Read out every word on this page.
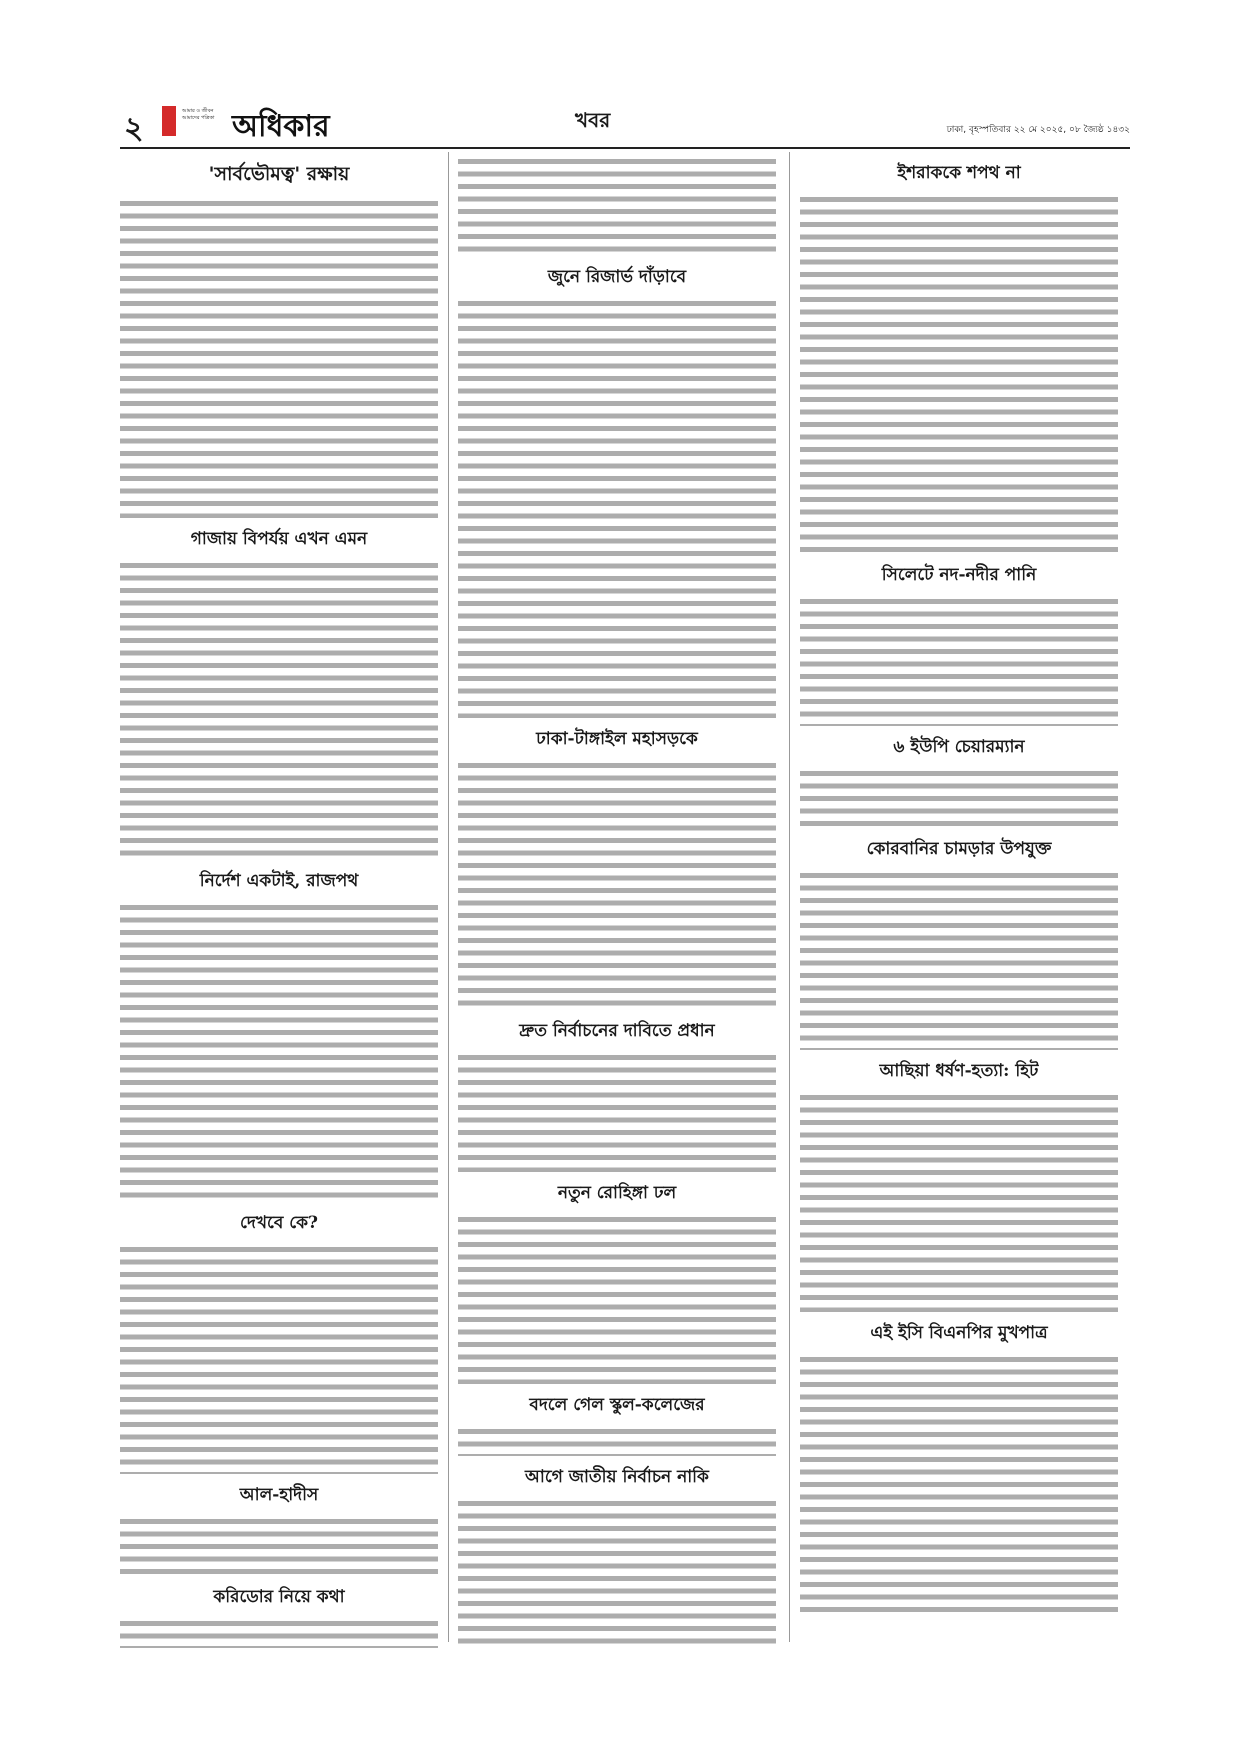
২	আমার ও জীবন আমাদের পত্রিকা অধিকার	খবর	ঢাকা, বৃহস্পতিবার ২২ মে ২০২৫, ০৮ জ্যৈষ্ঠ ১৪৩২
'সার্বভৌমত্ব' রক্ষায়
গাজায় বিপর্যয় এখন এমন
নির্দেশ একটাই, রাজপথ
দেখবে কে?
আল-হাদীস
করিডোর নিয়ে কথা
জুনে রিজার্ভ দাঁড়াবে
ঢাকা-টাঙ্গাইল মহাসড়কে
দ্রুত নির্বাচনের দাবিতে প্রধান
নতুন রোহিঙ্গা ঢল
বদলে গেল স্কুল-কলেজের
আগে জাতীয় নির্বাচন নাকি
ইশরাককে শপথ না
সিলেটে নদ-নদীর পানি
৬ ইউপি চেয়ারম্যান
কোরবানির চামড়ার উপযুক্ত
আছিয়া ধর্ষণ-হত্যা: হিট
এই ইসি বিএনপির মুখপাত্র
